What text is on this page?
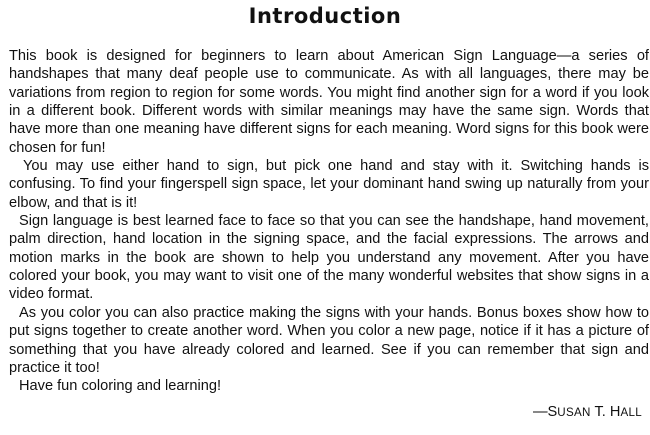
Introduction

This book is designed for beginners to learn about American Sign Language—a series of handshapes that many deaf people use to communicate. As with all languages, there may be variations from region to region for some words. You might find another sign for a word if you look in a different book. Different words with similar meanings may have the same sign. Words that have more than one meaning have different signs for each meaning. Word signs for this book were chosen for fun!

You may use either hand to sign, but pick one hand and stay with it. Switching hands is confusing. To find your fingerspell sign space, let your dominant hand swing up naturally from your elbow, and that is it!

Sign language is best learned face to face so that you can see the handshape, hand movement, palm direction, hand location in the signing space, and the facial expressions. The arrows and motion marks in the book are shown to help you understand any movement. After you have colored your book, you may want to visit one of the many wonderful websites that show signs in a video format.

As you color you can also practice making the signs with your hands. Bonus boxes show how to put signs together to create another word. When you color a new page, notice if it has a picture of something that you have already colored and learned. See if you can remember that sign and practice it too!

Have fun coloring and learning!

—SUSAN T. HALL
